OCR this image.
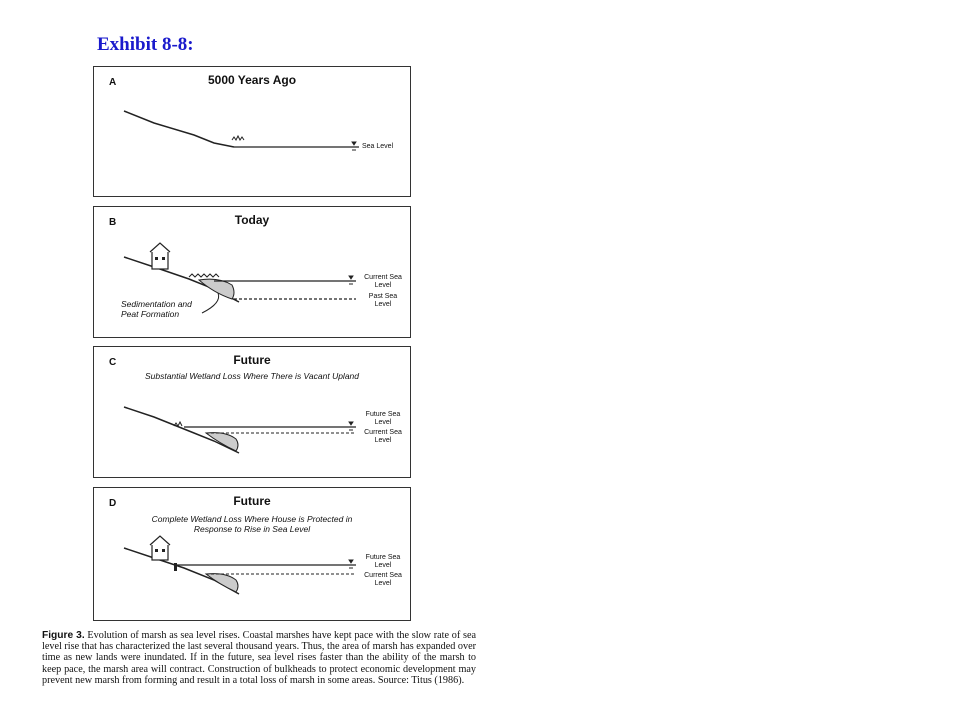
Exhibit 8-8:
A	5000 Years Ago
Sea Level
B	Today
Current Sea Level
Past Sea Level
Sedimentation and Peat Formation
C	Future
Substantial Wetland Loss Where There is Vacant Upland
Future Sea Level
Current Sea Level
D	Future
Complete Wetland Loss Where House is Protected in Response to Rise in Sea Level
Future Sea Level
Current Sea Level
Figure 3. Evolution of marsh as sea level rises. Coastal marshes have kept pace with the slow rate of sea level rise that has characterized the last several thousand years. Thus, the area of marsh has expanded over time as new lands were inundated. If in the future, sea level rises faster than the ability of the marsh to keep pace, the marsh area will contract. Construction of bulkheads to protect economic development may prevent new marsh from forming and result in a total loss of marsh in some areas. Source: Titus (1986).
